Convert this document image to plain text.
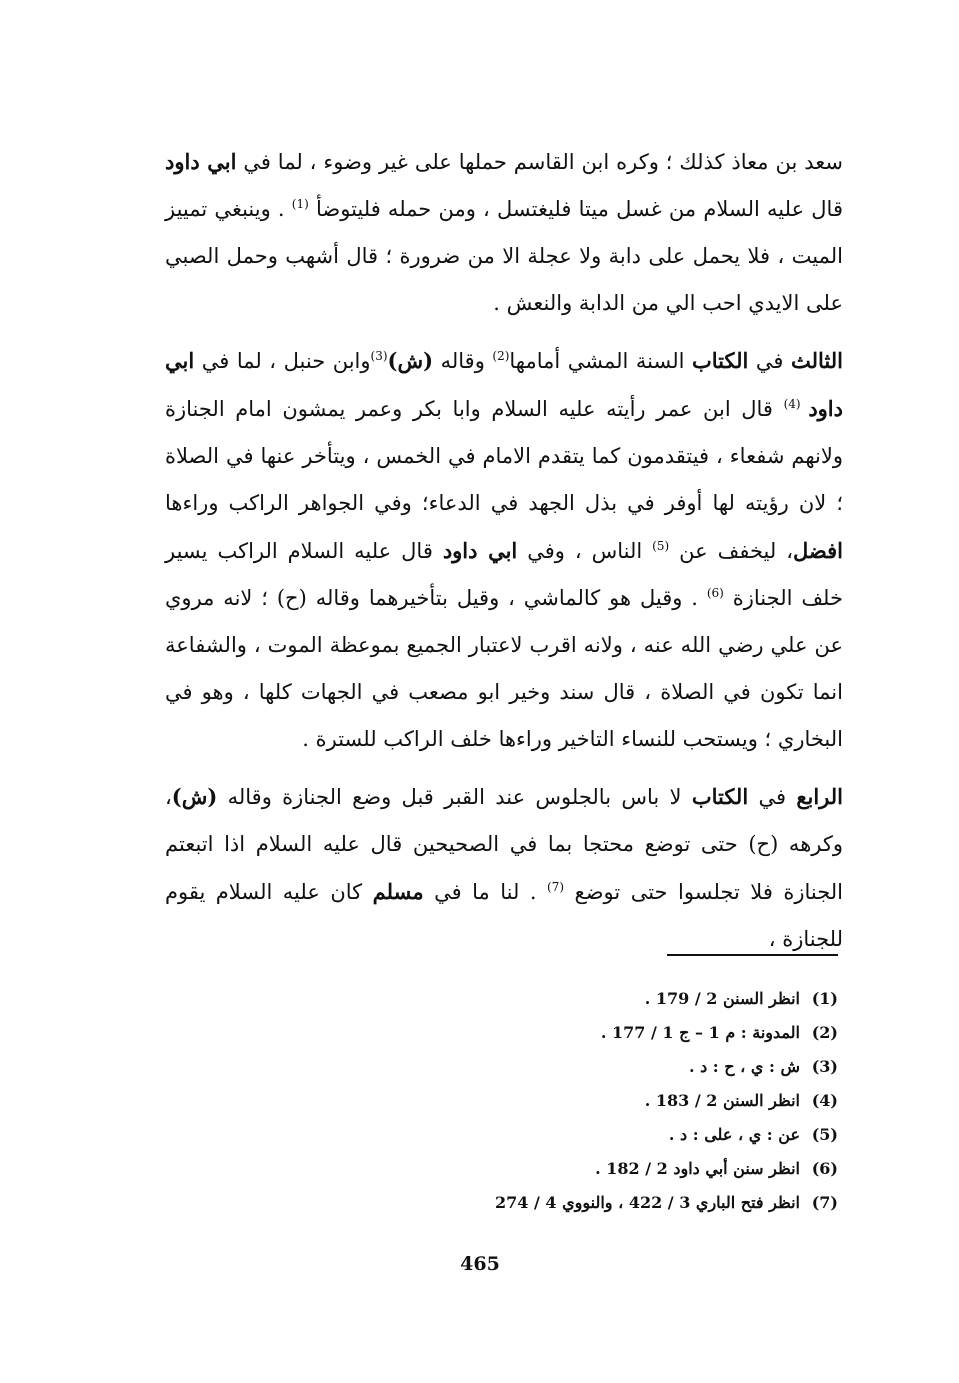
سعد بن معاذ كذلك ؛ وكره ابن القاسم حملها على غير وضوء ، لما في ابي داود قال عليه السلام من غسل ميتا فليغتسل ، ومن حمله فليتوضأ $^{(1)}$ . وينبغي تمييز الميت ، فلا يحمل على دابة ولا عجلة الا من ضرورة ؛ قال أشهب وحمل الصبي على الايدي احب الي من الدابة والنعش .

الثالث في الكتاب السنة المشي أمامها$^{(2)}$ وقاله (ش)$^{(3)}$وابن حنبل ، لما في ابي داود $^{(4)}$ قال ابن عمر رأيته عليه السلام وابا بكر وعمر يمشون امام الجنازة ولانهم شفعاء ، فيتقدمون كما يتقدم الامام في الخمس ، ويتأخر عنها في الصلاة ؛ لان رؤيته لها أوفر في بذل الجهد في الدعاء؛ وفي الجواهر الراكب وراءها افضل، ليخفف عن $^{(5)}$ الناس ، وفي ابي داود قال عليه السلام الراكب يسير خلف الجنازة $^{(6)}$ . وقيل هو كالماشي ، وقيل بتأخيرهما وقاله (ح) ؛ لانه مروي عن علي رضي الله عنه ، ولانه اقرب لاعتبار الجميع بموعظة الموت ، والشفاعة انما تكون في الصلاة ، قال سند وخير ابو مصعب في الجهات كلها ، وهو في البخاري ؛ ويستحب للنساء التاخير وراءها خلف الراكب للسترة .

الرابع في الكتاب لا باس بالجلوس عند القبر قبل وضع الجنازة وقاله (ش)، وكرهه (ح) حتى توضع محتجا بما في الصحيحين قال عليه السلام اذا اتبعتم الجنازة فلا تجلسوا حتى توضع $^{(7)}$ . لنا ما في مسلم كان عليه السلام يقوم للجنازة ،

(1)
انظر السنن 2 / 179 .
(2)
المدونة : م 1 – ج 1 / 177 .
(3)
ش : ي ، ح : د .
(4)
انظر السنن 2 / 183 .
(5)
عن : ي ، على : د .
(6)
انظر سنن أبي داود 2 / 182 .
(7)
انظر فتح الباري 3 / 422 ، والنووي 4 / 274
465
